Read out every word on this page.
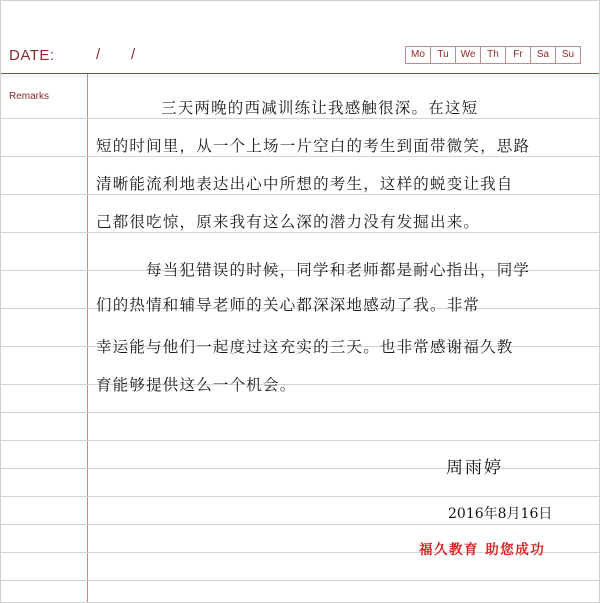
DATE:	/ /	Mo	Tu	We	Th	Fr	Sa	Su
Remarks
三天两晚的西减训练让我感触很深。在这短
短的时间里，从一个上场一片空白的考生到面带微笑，思路
清晰能流利地表达出心中所想的考生，这样的蜕变让我自
己都很吃惊，原来我有这么深的潜力没有发掘出来。
每当犯错误的时候，同学和老师都是耐心指出，同学
们的热情和辅导老师的关心都深深地感动了我。非常
幸运能与他们一起度过这充实的三天。也非常感谢福久教
育能够提供这么一个机会。
周雨婷
2016年8月16日
福久教育 助您成功
